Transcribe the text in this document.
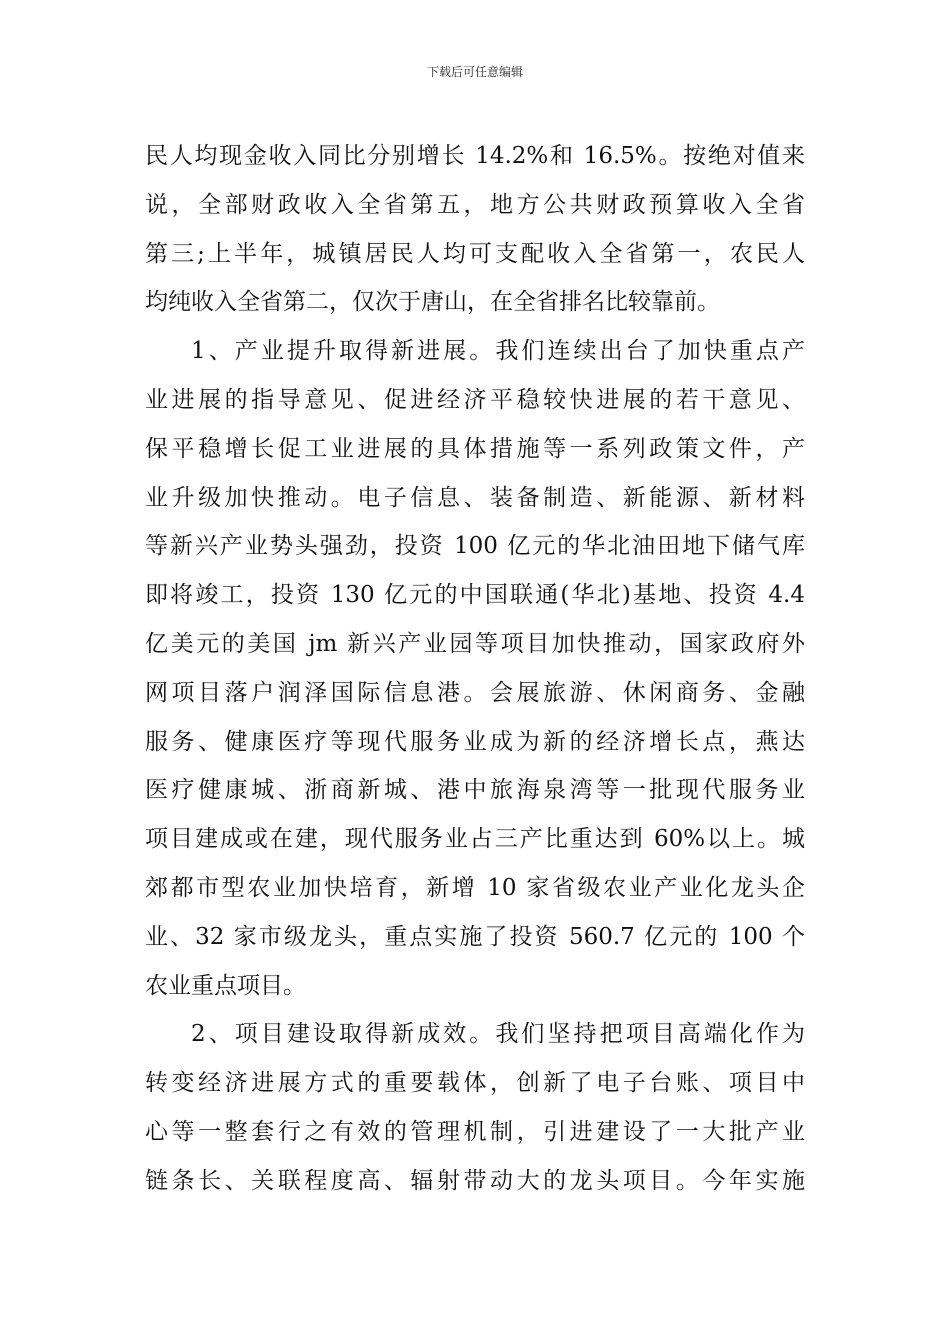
下载后可任意编辑
民人均现金收入同比分别增长 14.2%和 16.5%。按绝对值来
说，全部财政收入全省第五，地方公共财政预算收入全省
第三;上半年，城镇居民人均可支配收入全省第一，农民人
均纯收入全省第二，仅次于唐山，在全省排名比较靠前。
1、产业提升取得新进展。我们连续出台了加快重点产
业进展的指导意见、促进经济平稳较快进展的若干意见、
保平稳增长促工业进展的具体措施等一系列政策文件，产
业升级加快推动。电子信息、装备制造、新能源、新材料
等新兴产业势头强劲，投资 100 亿元的华北油田地下储气库
即将竣工，投资 130 亿元的中国联通(华北)基地、投资 4.4
亿美元的美国 jm 新兴产业园等项目加快推动，国家政府外
网项目落户润泽国际信息港。会展旅游、休闲商务、金融
服务、健康医疗等现代服务业成为新的经济增长点，燕达
医疗健康城、浙商新城、港中旅海泉湾等一批现代服务业
项目建成或在建，现代服务业占三产比重达到 60%以上。城
郊都市型农业加快培育，新增 10 家省级农业产业化龙头企
业、32 家市级龙头，重点实施了投资 560.7 亿元的 100 个
农业重点项目。
2、项目建设取得新成效。我们坚持把项目高端化作为
转变经济进展方式的重要载体，创新了电子台账、项目中
心等一整套行之有效的管理机制，引进建设了一大批产业
链条长、关联程度高、辐射带动大的龙头项目。今年实施
